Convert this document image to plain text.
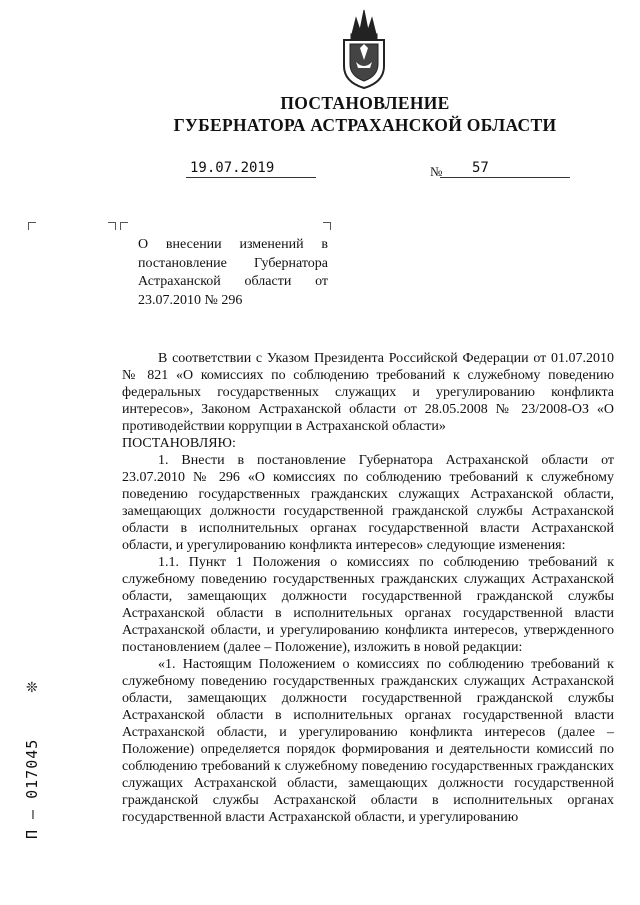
ПОСТАНОВЛЕНИЕ
ГУБЕРНАТОРА АСТРАХАНСКОЙ ОБЛАСТИ
19.07.2019	№	57
О внесении изменений в постановление Губернатора Астраханской области от 23.07.2010 № 296

В соответствии с Указом Президента Российской Федерации от 01.07.2010 № 821 «О комиссиях по соблюдению требований к служебному поведению федеральных государственных служащих и урегулированию конфликта интересов», Законом Астраханской области от 28.05.2008 № 23/2008-ОЗ «О противодействии коррупции в Астраханской области»

ПОСТАНОВЛЯЮ:

1. Внести в постановление Губернатора Астраханской области от 23.07.2010 № 296 «О комиссиях по соблюдению требований к служебному поведению государственных гражданских служащих Астраханской области, замещающих должности государственной гражданской службы Астраханской области в исполнительных органах государственной власти Астраханской области, и урегулированию конфликта интересов» следующие изменения:

1.1. Пункт 1 Положения о комиссиях по соблюдению требований к служебному поведению государственных гражданских служащих Астраханской области, замещающих должности государственной гражданской службы Астраханской области в исполнительных органах государственной власти Астраханской области, и урегулированию конфликта интересов, утвержденного постановлением (далее – Положение), изложить в новой редакции:

«1. Настоящим Положением о комиссиях по соблюдению требований к служебному поведению государственных гражданских служащих Астраханской области, замещающих должности государственной гражданской службы Астраханской области в исполнительных органах государственной власти Астраханской области, и урегулированию конфликта интересов (далее – Положение) определяется порядок формирования и деятельности комиссий по соблюдению требований к служебному поведению государственных гражданских служащих Астраханской области, замещающих должности государственной гражданской службы Астраханской области в исполнительных органах государственной власти Астраханской области, и урегулированию

❊
П – 017045
